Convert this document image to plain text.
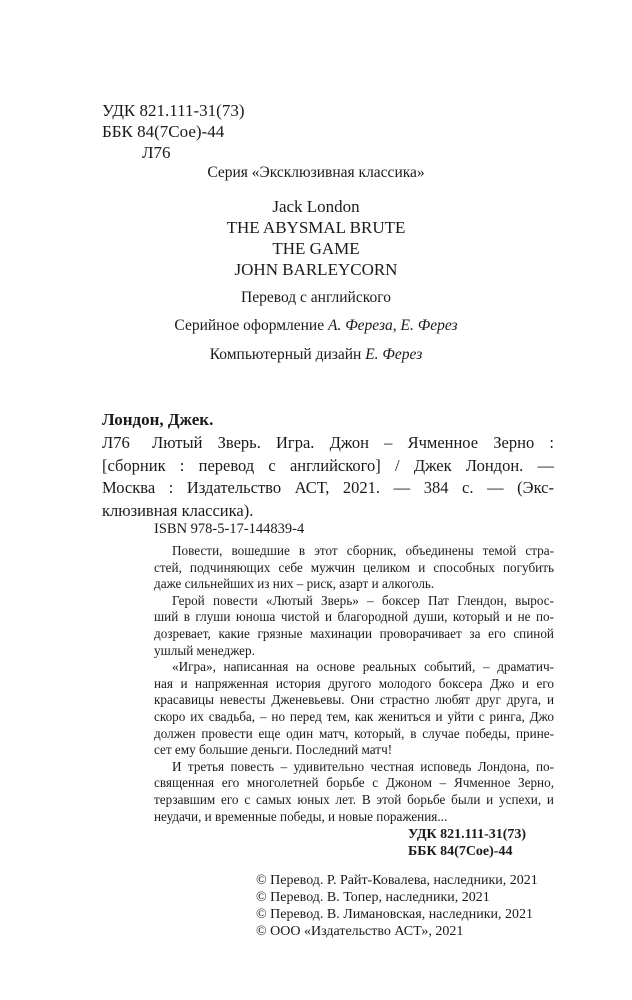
УДК 821.111-31(73)
ББК 84(7Сое)-44
Л76
Серия «Эксклюзивная классика»
Jack London
THE ABYSMAL BRUTE
THE GAME
JOHN BARLEYCORN
Перевод с английского
Серийное оформление А. Фереза, Е. Ферез
Компьютерный дизайн Е. Ферез
Лондон, Джек.
Л76 Лютый Зверь. Игра. Джон – Ячменное Зерно :
[сборник : перевод с английского] / Джек Лондон. —
Москва : Издательство АСТ, 2021. — 384 с. — (Экс-
клюзивная классика).
ISBN 978-5-17-144839-4
Повести, вошедшие в этот сборник, объединены темой стра-
стей, подчиняющих себе мужчин целиком и способных погубить
даже сильнейших из них – риск, азарт и алкоголь.
Герой повести «Лютый Зверь» – боксер Пат Глендон, вырос-
ший в глуши юноша чистой и благородной души, который и не по-
дозревает, какие грязные махинации проворачивает за его спиной
ушлый менеджер.
«Игра», написанная на основе реальных событий, – драматич-
ная и напряженная история другого молодого боксера Джо и его
красавицы невесты Дженевьевы. Они страстно любят друг друга, и
скоро их свадьба, – но перед тем, как жениться и уйти с ринга, Джо
должен провести еще один матч, который, в случае победы, прине-
сет ему большие деньги. Последний матч!
И третья повесть – удивительно честная исповедь Лондона, по-
священная его многолетней борьбе с Джоном – Ячменное Зерно,
терзавшим его с самых юных лет. В этой борьбе были и успехи, и
неудачи, и временные победы, и новые поражения...
УДК 821.111-31(73)
ББК 84(7Сое)-44
© Перевод. Р. Райт-Ковалева, наследники, 2021
© Перевод. В. Топер, наследники, 2021
© Перевод. В. Лимановская, наследники, 2021
© ООО «Издательство АСТ», 2021
